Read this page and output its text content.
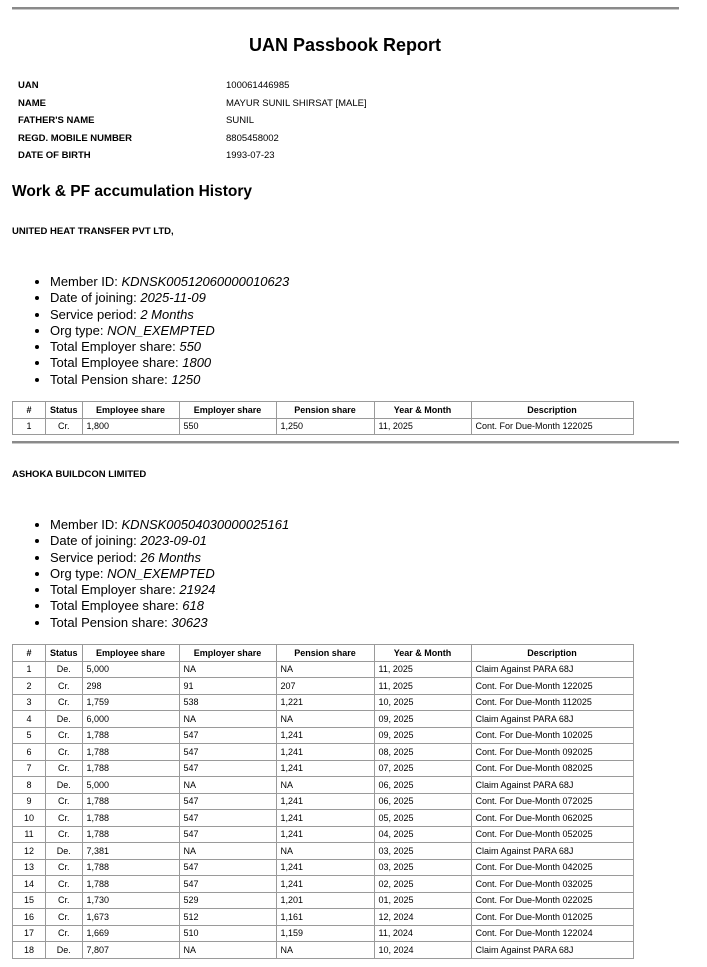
UAN Passbook Report
UAN	100061446985
NAME	MAYUR SUNIL SHIRSAT [MALE]
FATHER'S NAME	SUNIL
REGD. MOBILE NUMBER	8805458002
DATE OF BIRTH	1993-07-23
Work & PF accumulation History
UNITED HEAT TRANSFER PVT LTD,
• Member ID: KDNSK00512060000010623
• Date of joining: 2025-11-09
• Service period: 2 Months
• Org type: NON_EXEMPTED
• Total Employer share: 550
• Total Employee share: 1800
• Total Pension share: 1250
#	Status	Employee share	Employer share	Pension share	Year & Month	Description
1	Cr.	1,800	550	1,250	11, 2025	Cont. For Due-Month 122025
ASHOKA BUILDCON LIMITED
• Member ID: KDNSK00504030000025161
• Date of joining: 2023-09-01
• Service period: 26 Months
• Org type: NON_EXEMPTED
• Total Employer share: 21924
• Total Employee share: 618
• Total Pension share: 30623
#	Status	Employee share	Employer share	Pension share	Year & Month	Description
1	De.	5,000	NA	NA	11, 2025	Claim Against PARA 68J
2	Cr.	298	91	207	11, 2025	Cont. For Due-Month 122025
3	Cr.	1,759	538	1,221	10, 2025	Cont. For Due-Month 112025
4	De.	6,000	NA	NA	09, 2025	Claim Against PARA 68J
5	Cr.	1,788	547	1,241	09, 2025	Cont. For Due-Month 102025
6	Cr.	1,788	547	1,241	08, 2025	Cont. For Due-Month 092025
7	Cr.	1,788	547	1,241	07, 2025	Cont. For Due-Month 082025
8	De.	5,000	NA	NA	06, 2025	Claim Against PARA 68J
9	Cr.	1,788	547	1,241	06, 2025	Cont. For Due-Month 072025
10	Cr.	1,788	547	1,241	05, 2025	Cont. For Due-Month 062025
11	Cr.	1,788	547	1,241	04, 2025	Cont. For Due-Month 052025
12	De.	7,381	NA	NA	03, 2025	Claim Against PARA 68J
13	Cr.	1,788	547	1,241	03, 2025	Cont. For Due-Month 042025
14	Cr.	1,788	547	1,241	02, 2025	Cont. For Due-Month 032025
15	Cr.	1,730	529	1,201	01, 2025	Cont. For Due-Month 022025
16	Cr.	1,673	512	1,161	12, 2024	Cont. For Due-Month 012025
17	Cr.	1,669	510	1,159	11, 2024	Cont. For Due-Month 122024
18	De.	7,807	NA	NA	10, 2024	Claim Against PARA 68J
